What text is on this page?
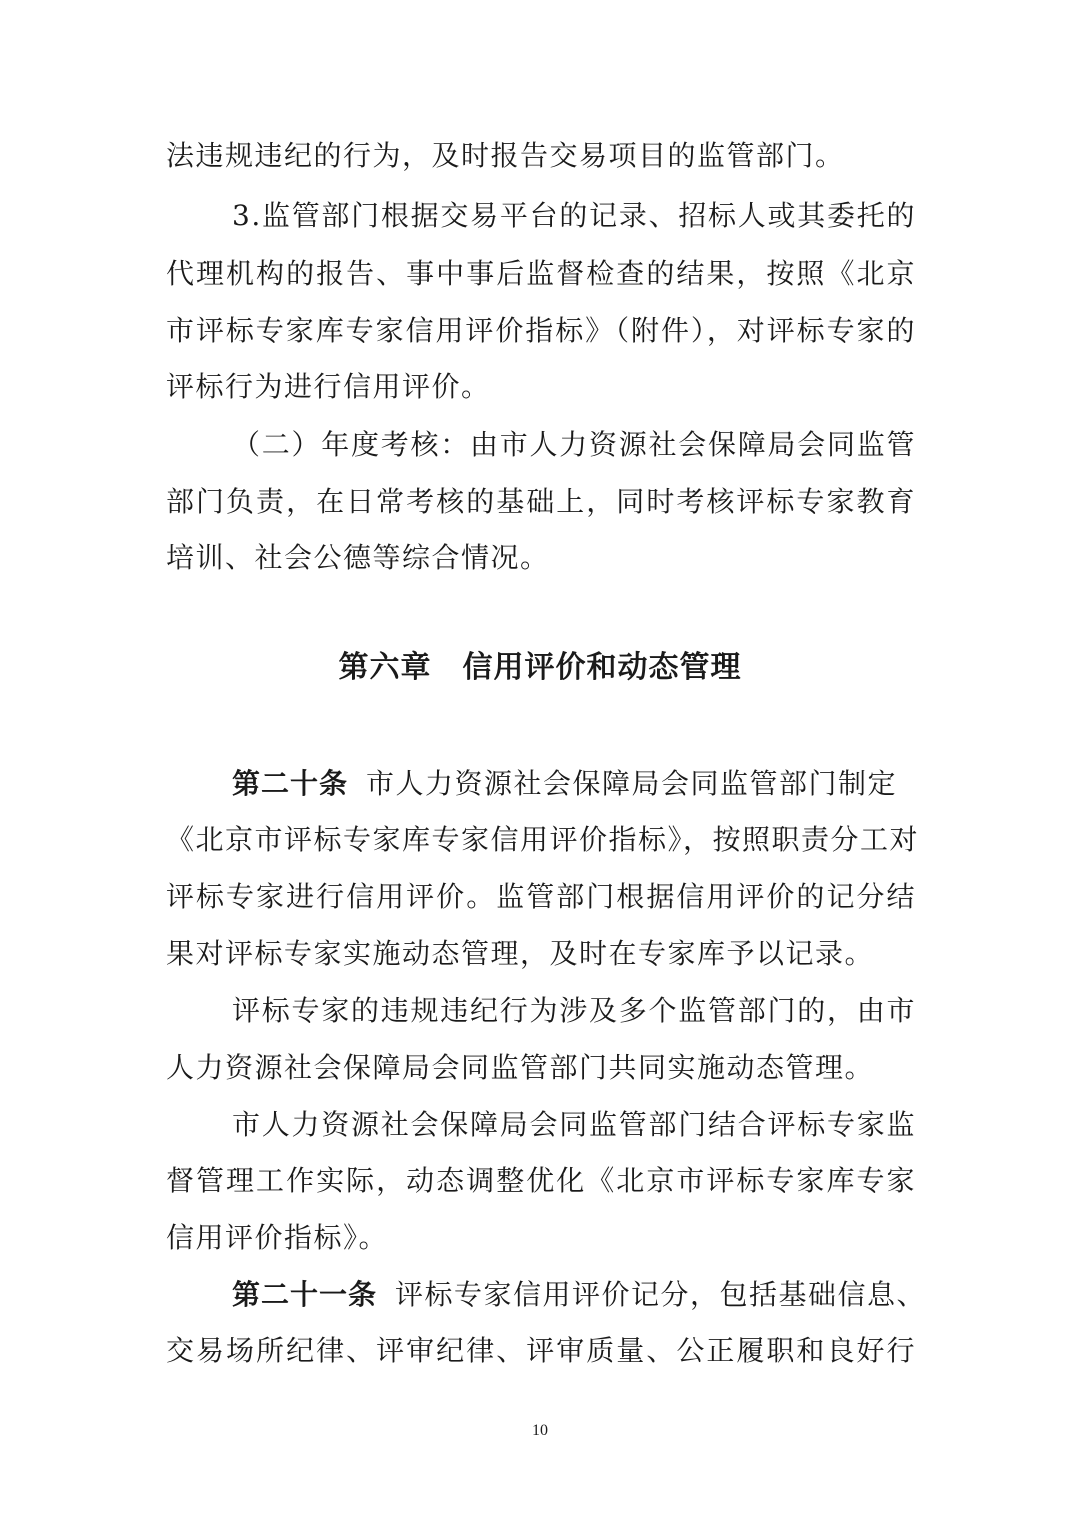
法违规违纪的行为，及时报告交易项目的监管部门。
3.监管部门根据交易平台的记录、招标人或其委托的
代理机构的报告、事中事后监督检查的结果，按照《北京
市评标专家库专家信用评价指标》（附件），对评标专家的
评标行为进行信用评价。
（二）年度考核：由市人力资源社会保障局会同监管
部门负责，在日常考核的基础上，同时考核评标专家教育
培训、社会公德等综合情况。
第六章　信用评价和动态管理
第二十条 市人力资源社会保障局会同监管部门制定
《北京市评标专家库专家信用评价指标》，按照职责分工对
评标专家进行信用评价。监管部门根据信用评价的记分结
果对评标专家实施动态管理，及时在专家库予以记录。
评标专家的违规违纪行为涉及多个监管部门的，由市
人力资源社会保障局会同监管部门共同实施动态管理。
市人力资源社会保障局会同监管部门结合评标专家监
督管理工作实际，动态调整优化《北京市评标专家库专家
信用评价指标》。
第二十一条 评标专家信用评价记分，包括基础信息、
交易场所纪律、评审纪律、评审质量、公正履职和良好行
10
